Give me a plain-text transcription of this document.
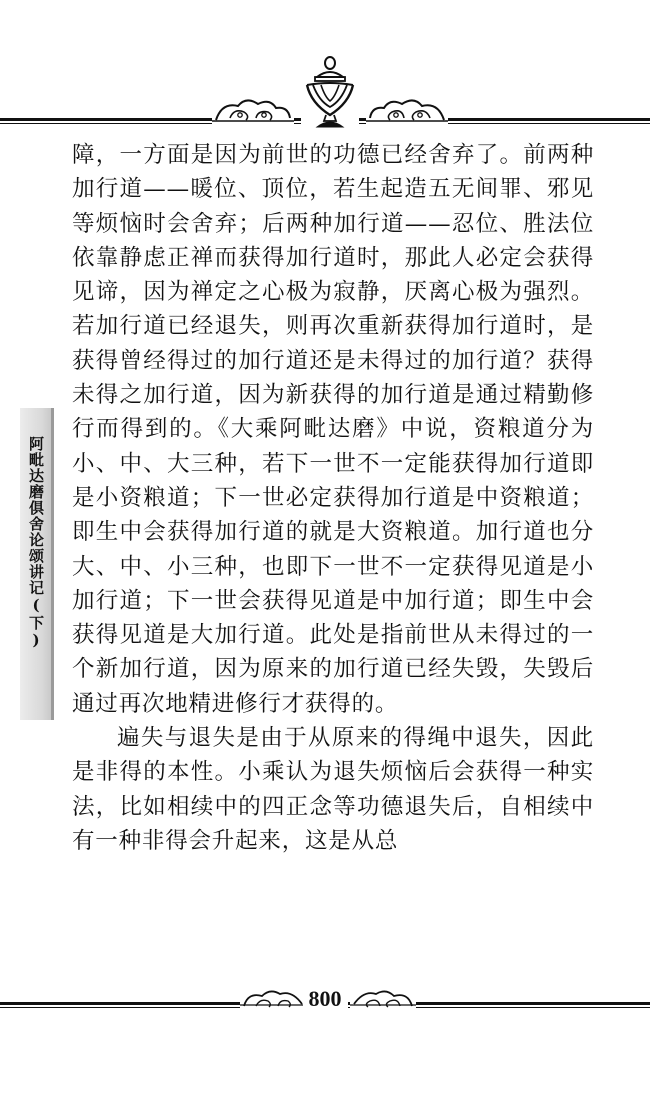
阿毗达磨俱舍论颂讲记(下)

障，一方面是因为前世的功德已经舍弃了。前两种加行道——暖位、顶位，若生起造五无间罪、邪见等烦恼时会舍弃；后两种加行道——忍位、胜法位依靠静虑正禅而获得加行道时，那此人必定会获得见谛，因为禅定之心极为寂静，厌离心极为强烈。若加行道已经退失，则再次重新获得加行道时，是获得曾经得过的加行道还是未得过的加行道？获得未得之加行道，因为新获得的加行道是通过精勤修行而得到的。《大乘阿毗达磨》中说，资粮道分为小、中、大三种，若下一世不一定能获得加行道即是小资粮道；下一世必定获得加行道是中资粮道；即生中会获得加行道的就是大资粮道。加行道也分大、中、小三种，也即下一世不一定获得见道是小加行道；下一世会获得见道是中加行道；即生中会获得见道是大加行道。此处是指前世从未得过的一个新加行道，因为原来的加行道已经失毁，失毁后通过再次地精进修行才获得的。

遍失与退失是由于从原来的得绳中退失，因此是非得的本性。小乘认为退失烦恼后会获得一种实法，比如相续中的四正念等功德退失后，自相续中有一种非得会升起来，这是从总

800
